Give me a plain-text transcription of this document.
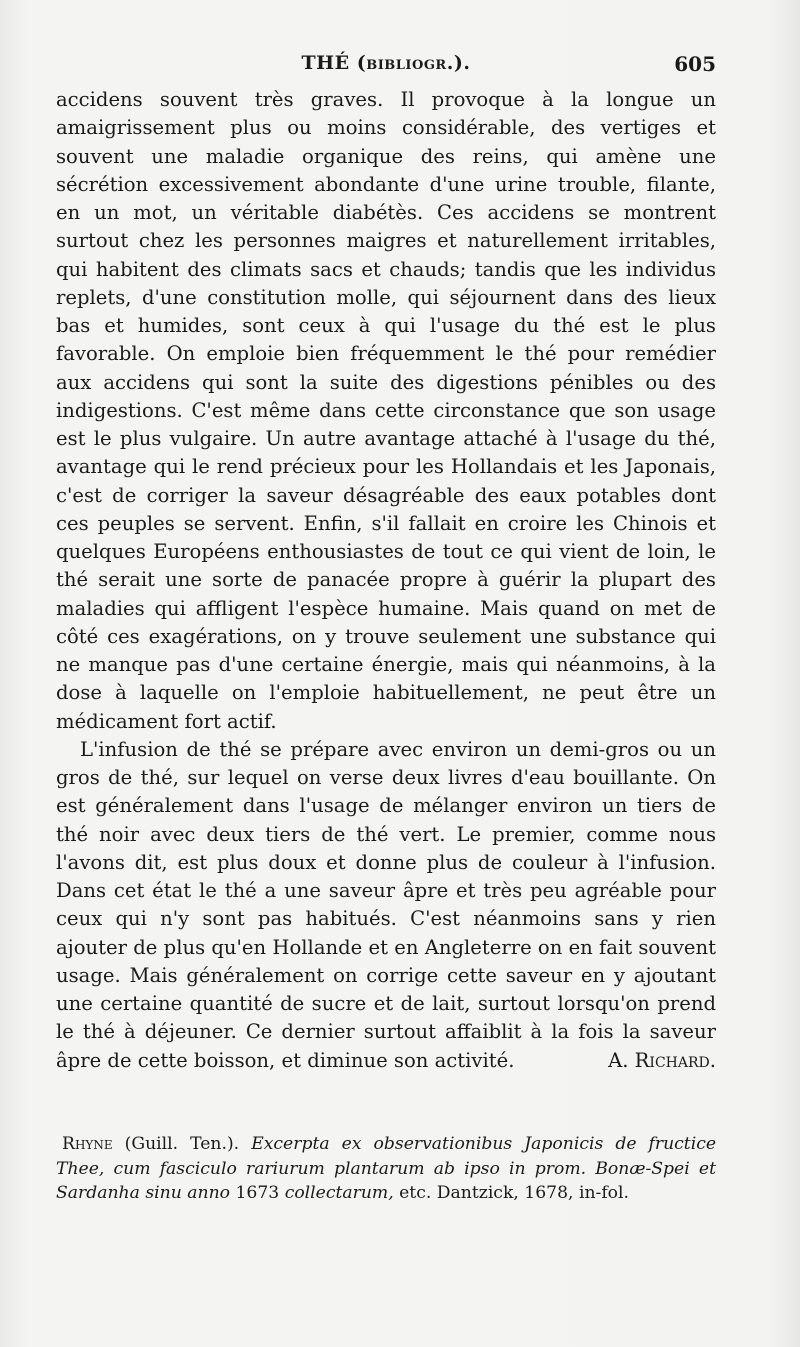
THÉ (bibliogr.).	605

accidens souvent très graves. Il provoque à la longue un amaigrissement plus ou moins considérable, des vertiges et souvent une maladie organique des reins, qui amène une sécrétion excessivement abondante d'une urine trouble, filante, en un mot, un véritable diabétès. Ces accidens se montrent surtout chez les personnes maigres et naturellement irritables, qui habitent des climats sacs et chauds; tandis que les individus replets, d'une constitution molle, qui séjournent dans des lieux bas et humides, sont ceux à qui l'usage du thé est le plus favorable. On emploie bien fréquemment le thé pour remédier aux accidens qui sont la suite des digestions pénibles ou des indigestions. C'est même dans cette circonstance que son usage est le plus vulgaire. Un autre avantage attaché à l'usage du thé, avantage qui le rend précieux pour les Hollandais et les Japonais, c'est de corriger la saveur désagréable des eaux potables dont ces peuples se servent. Enfin, s'il fallait en croire les Chinois et quelques Européens enthousiastes de tout ce qui vient de loin, le thé serait une sorte de panacée propre à guérir la plupart des maladies qui affligent l'espèce humaine. Mais quand on met de côté ces exagérations, on y trouve seulement une substance qui ne manque pas d'une certaine énergie, mais qui néanmoins, à la dose à laquelle on l'emploie habituellement, ne peut être un médicament fort actif.

L'infusion de thé se prépare avec environ un demi-gros ou un gros de thé, sur lequel on verse deux livres d'eau bouillante. On est généralement dans l'usage de mélanger environ un tiers de thé noir avec deux tiers de thé vert. Le premier, comme nous l'avons dit, est plus doux et donne plus de couleur à l'infusion. Dans cet état le thé a une saveur âpre et très peu agréable pour ceux qui n'y sont pas habitués. C'est néanmoins sans y rien ajouter de plus qu'en Hollande et en Angleterre on en fait souvent usage. Mais généralement on corrige cette saveur en y ajoutant une certaine quantité de sucre et de lait, surtout lorsqu'on prend le thé à déjeuner. Ce dernier surtout affaiblit à la fois la saveur âpre de cette boisson, et diminue son activité.	A. Richard.

Rhyne (Guill. Ten.). Excerpta ex observationibus Japonicis de fructice Thee, cum fasciculo rariurum plantarum ab ipso in prom. Bonæ-Spei et Sardanha sinu anno 1673 collectarum, etc. Dantzick, 1678, in-fol.
